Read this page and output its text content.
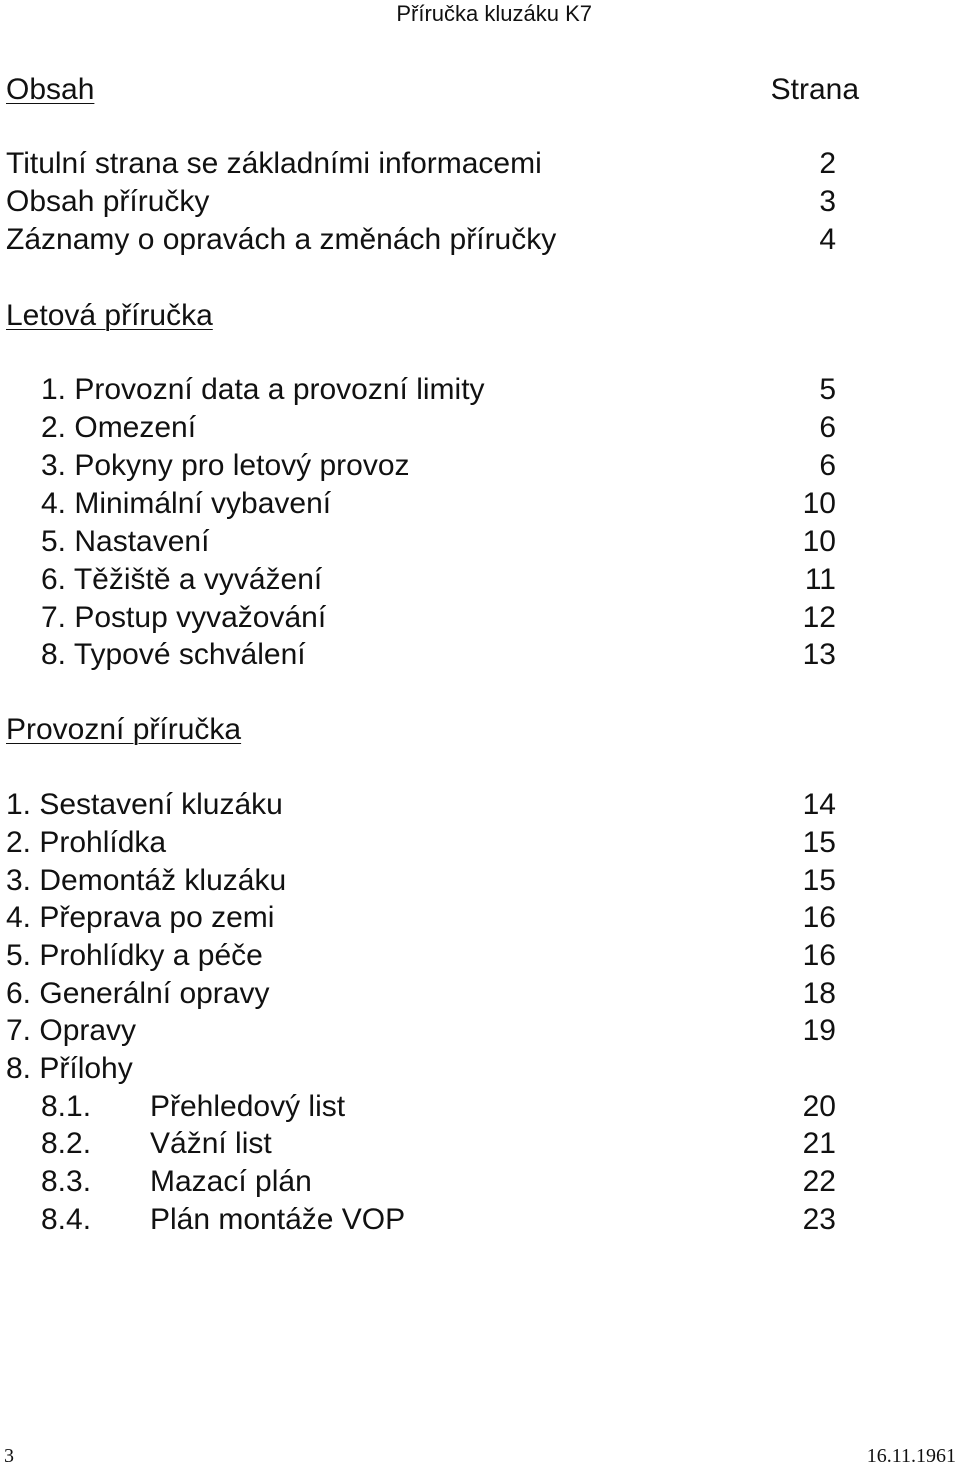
Příručka kluzáku K7
Obsah	Strana
Titulní strana se základními informacemi	2
Obsah příručky	3
Záznamy o opravách a změnách příručky	4
Letová příručka
1. Provozní data a provozní limity	5
2. Omezení	6
3. Pokyny pro letový provoz	6
4. Minimální vybavení	10
5. Nastavení	10
6. Těžiště a vyvážení	11
7. Postup vyvažování	12
8. Typové schválení	13
Provozní příručka
1. Sestavení kluzáku	14
2. Prohlídka	15
3. Demontáž kluzáku	15
4. Přeprava po zemi	16
5. Prohlídky a péče	16
6. Generální opravy	18
7. Opravy	19
8. Přílohy
8.1. Přehledový list	20
8.2. Vážní list	21
8.3. Mazací plán	22
8.4. Plán montáže VOP	23
3	16.11.1961
